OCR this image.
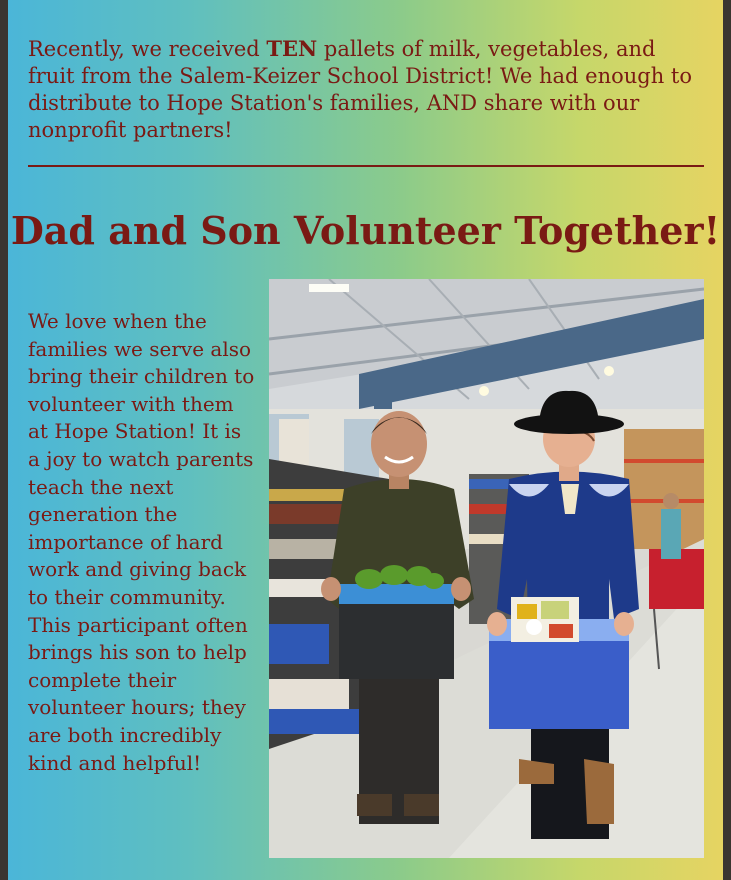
Recently, we received TEN pallets of milk, vegetables, and fruit from the Salem-Keizer School District! We had enough to distribute to Hope Station's families, AND share with our nonprofit partners!

Dad and Son Volunteer Together!

We love when the families we serve also bring their children to volunteer with them at Hope Station! It is a joy to watch parents teach the next generation the importance of hard work and giving back to their community. This participant often brings his son to help complete their volunteer hours; they are both incredibly kind and helpful!
